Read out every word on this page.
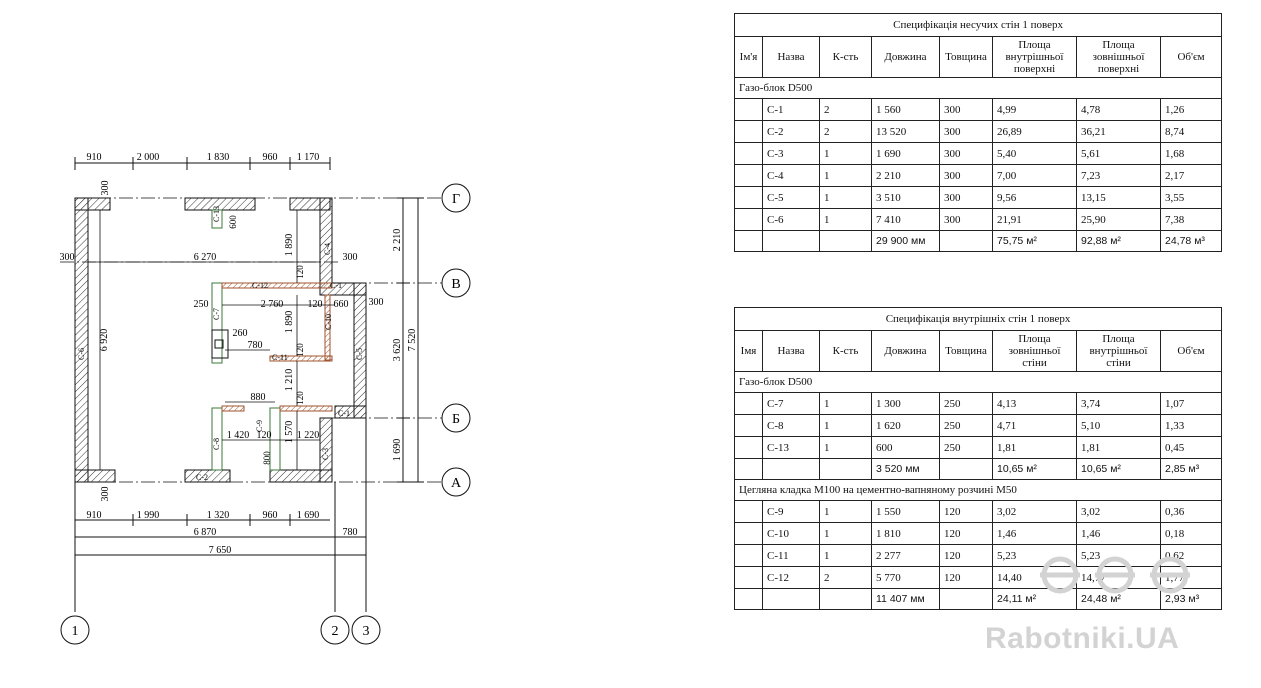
910	2 000	1 830	960 1 170
2 210
3 620
1 690
7 520
Г
В
Б
А
910	1 990	1 320	960 1 690
6 870	780
7 650
1	2 3
300
300
300	6 270	300
300
6 920
600
1 890
120
250	2 760 120 660
1 890
120
260
780
1 210
120
880
1 420 120 1 570 1 220
800
С-1
С-1
С-2
С-3
С-4
С-5
С-6
С-7
С-8
С-9
С-10
С-11
С-12
С-13
Специфікація несучих стін 1 поверх							
Ім'я	Назва	К-сть	Довжина	Товщина	Площа внутрішньої поверхні	Площа зовнішньої поверхні	Об'єм
Газо-блок D500							
	С-1	2	1 560	300	4,99	4,78	1,26
	С-2	2	13 520	300	26,89	36,21	8,74
	С-3	1	1 690	300	5,40	5,61	1,68
	С-4	1	2 210	300	7,00	7,23	2,17
	С-5	1	3 510	300	9,56	13,15	3,55
	С-6	1	7 410	300	21,91	25,90	7,38
			29 900 мм		75,75 м²	92,88 м²	24,78 м³
Специфікація внутрішніх стін 1 поверх							
Імя	Назва	К-сть	Довжина	Товщина	Площа зовнішньої стіни	Площа внутрішньої стіни	Об'єм
Газо-блок D500							
	С-7	1	1 300	250	4,13	3,74	1,07
	С-8	1	1 620	250	4,71	5,10	1,33
	С-13	1	600	250	1,81	1,81	0,45
			3 520 мм		10,65 м²	10,65 м²	2,85 м³
Цегляна кладка М100 на цементно-вапняному розчині М50							
	С-9	1	1 550	120	3,02	3,02	0,36
	С-10	1	1 810	120	1,46	1,46	0,18
	С-11	1	2 277	120	5,23	5,23	0,62
	С-12	2	5 770	120	14,40	14,77	1,77
			11 407 мм		24,11 м²	24,48 м²	2,93 м³
Rabotniki.UA
